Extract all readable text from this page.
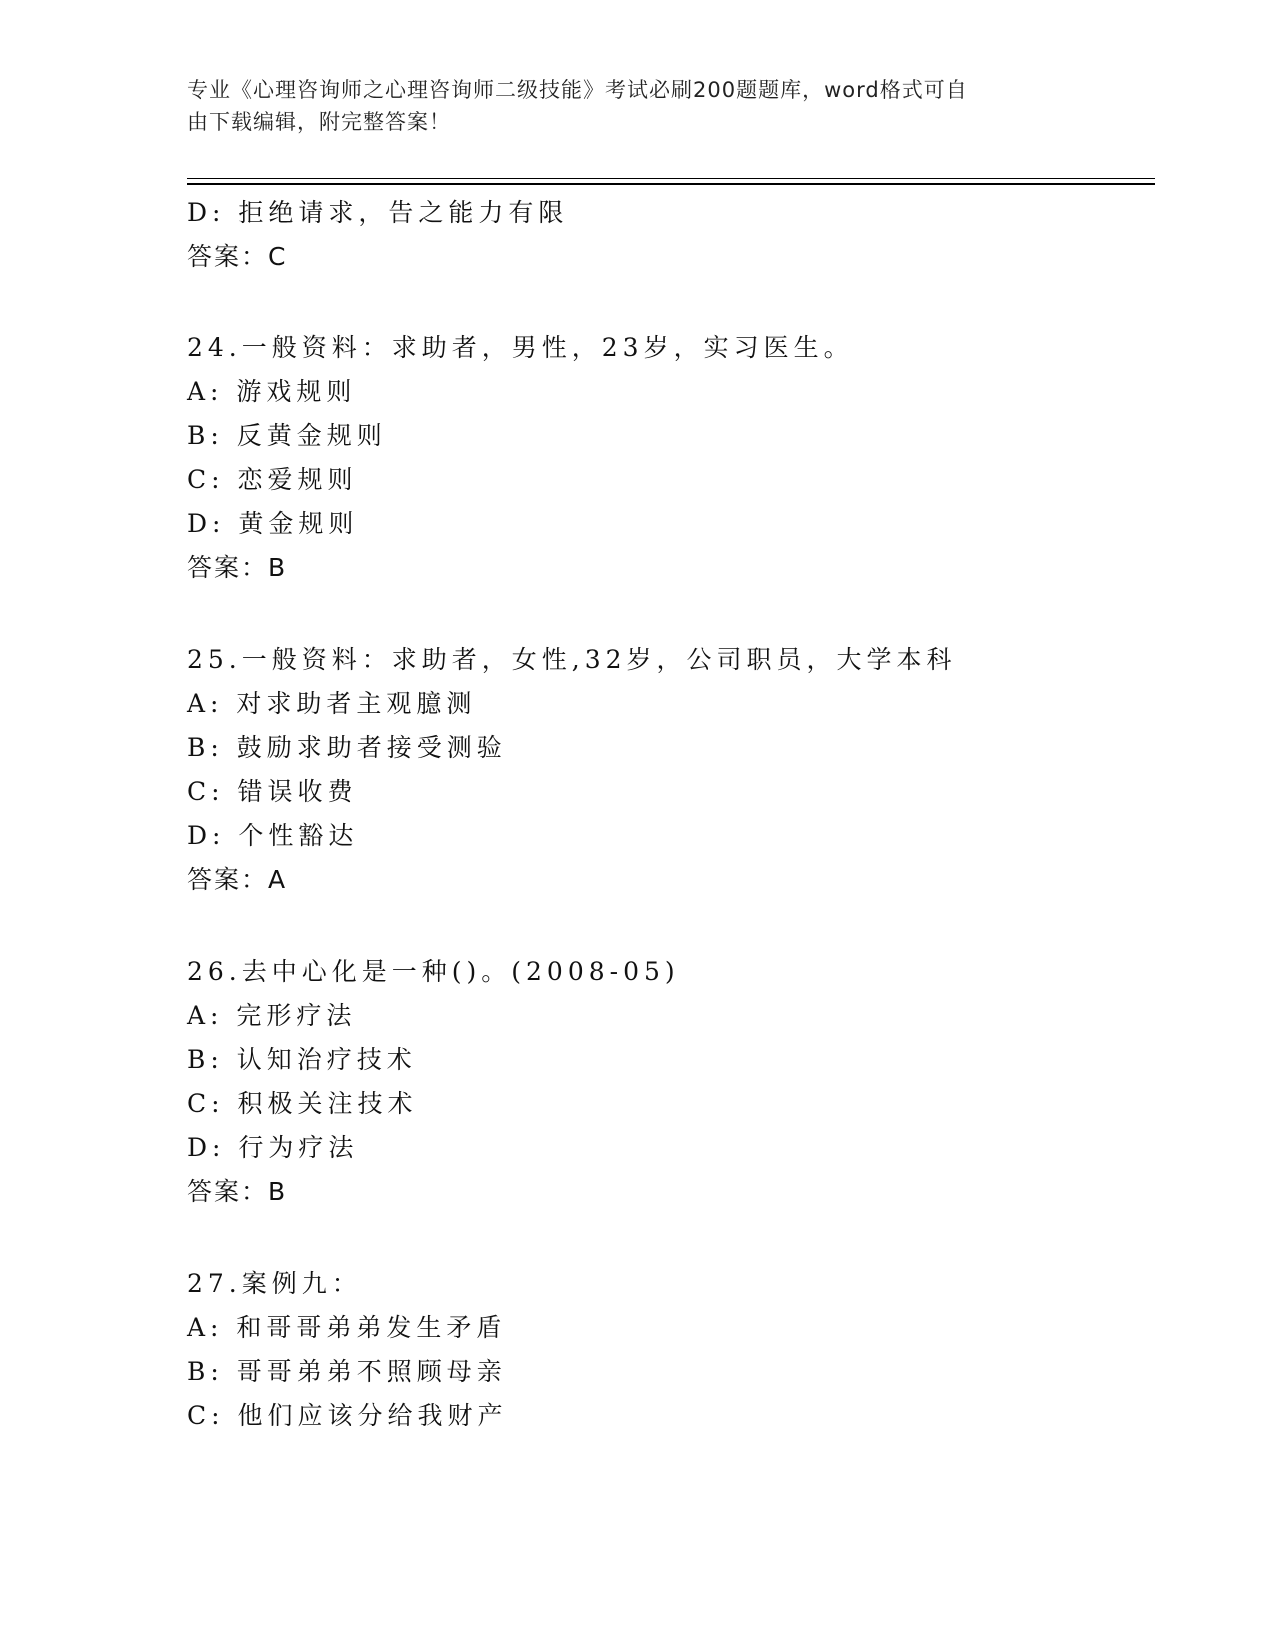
专业《心理咨询师之心理咨询师二级技能》考试必刷200题题库，word格式可自
由下载编辑，附完整答案！
D: 拒绝请求，告之能力有限
答案：C
24.一般资料：求助者，男性，23岁，实习医生。
A: 游戏规则
B: 反黄金规则
C: 恋爱规则
D: 黄金规则
答案：B
25.一般资料：求助者，女性,32岁，公司职员，大学本科
A: 对求助者主观臆测
B: 鼓励求助者接受测验
C: 错误收费
D: 个性豁达
答案：A
26.去中心化是一种()。(2008-05)
A: 完形疗法
B: 认知治疗技术
C: 积极关注技术
D: 行为疗法
答案：B
27.案例九：
A: 和哥哥弟弟发生矛盾
B: 哥哥弟弟不照顾母亲
C: 他们应该分给我财产
